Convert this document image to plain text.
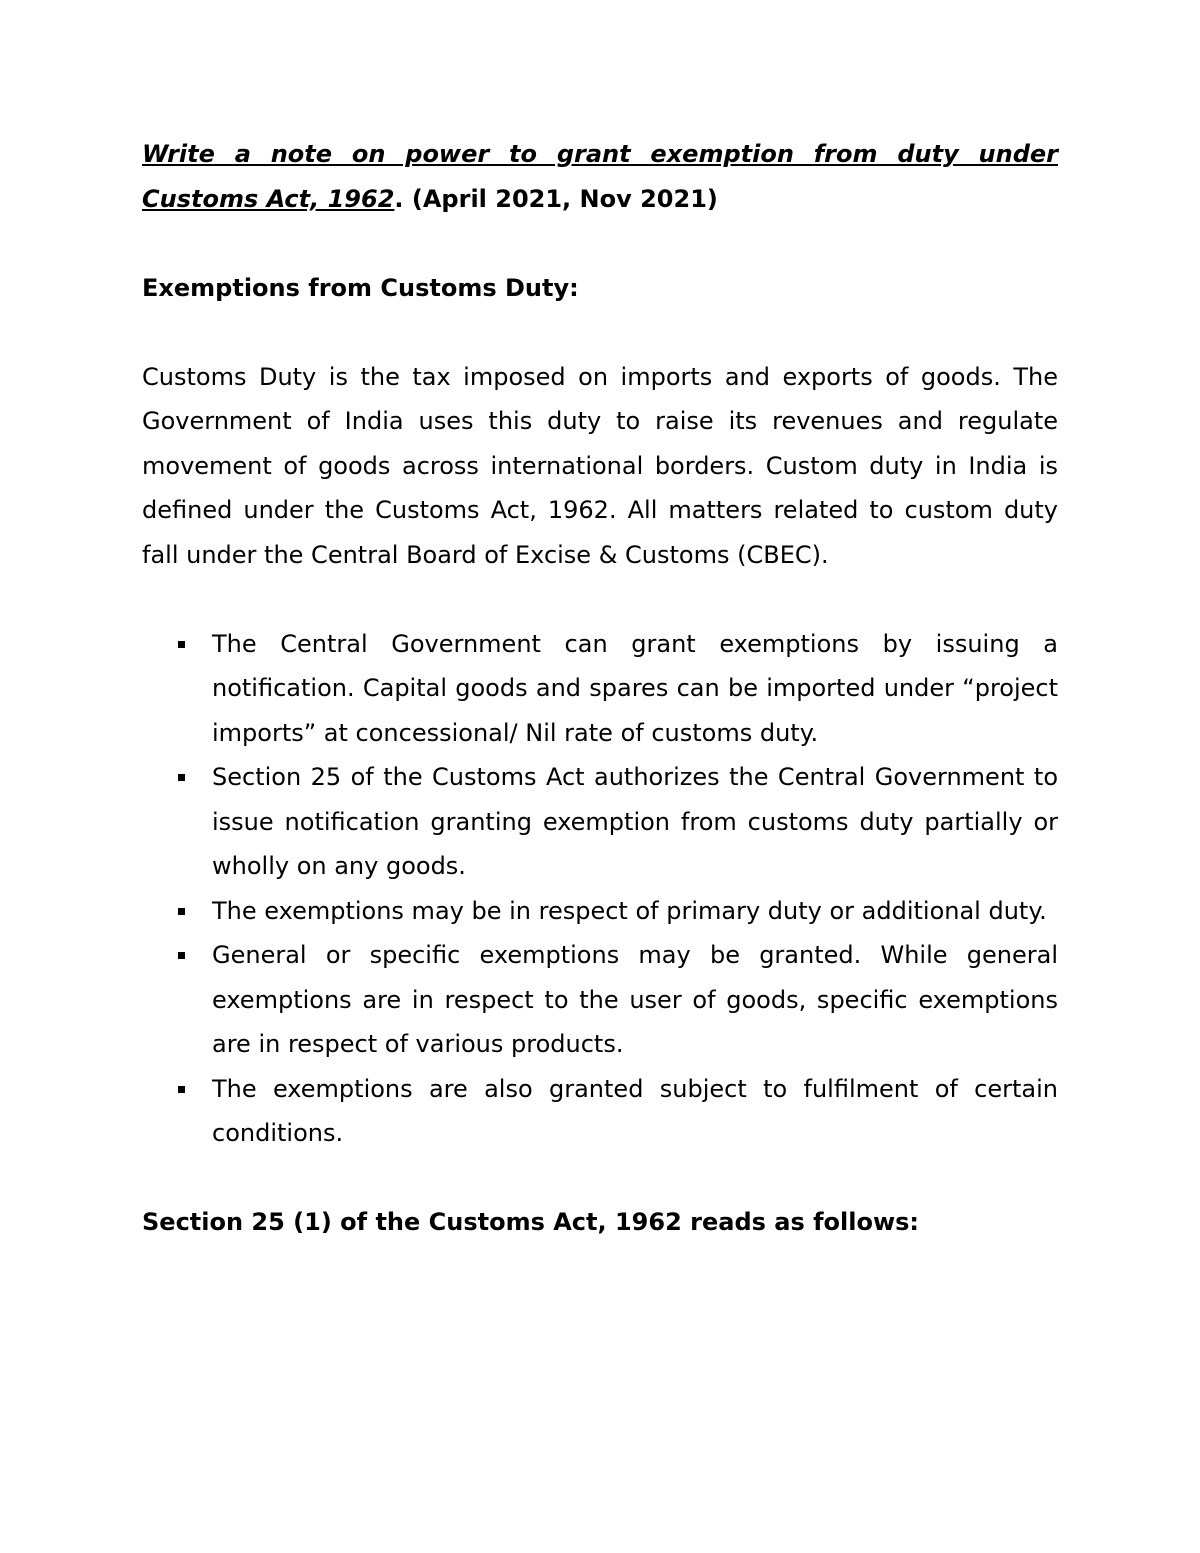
Write a note on power to grant exemption from duty under Customs Act, 1962. (April 2021, Nov 2021)

Exemptions from Customs Duty:

Customs Duty is the tax imposed on imports and exports of goods. The Government of India uses this duty to raise its revenues and regulate movement of goods across international borders. Custom duty in India is defined under the Customs Act, 1962. All matters related to custom duty fall under the Central Board of Excise & Customs (CBEC).

The Central Government can grant exemptions by issuing a notification. Capital goods and spares can be imported under “project imports” at concessional/ Nil rate of customs duty.
Section 25 of the Customs Act authorizes the Central Government to issue notification granting exemption from customs duty partially or wholly on any goods.
The exemptions may be in respect of primary duty or additional duty.
General or specific exemptions may be granted. While general exemptions are in respect to the user of goods, specific exemptions are in respect of various products.
The exemptions are also granted subject to fulfilment of certain conditions.

Section 25 (1) of the Customs Act, 1962 reads as follows:
